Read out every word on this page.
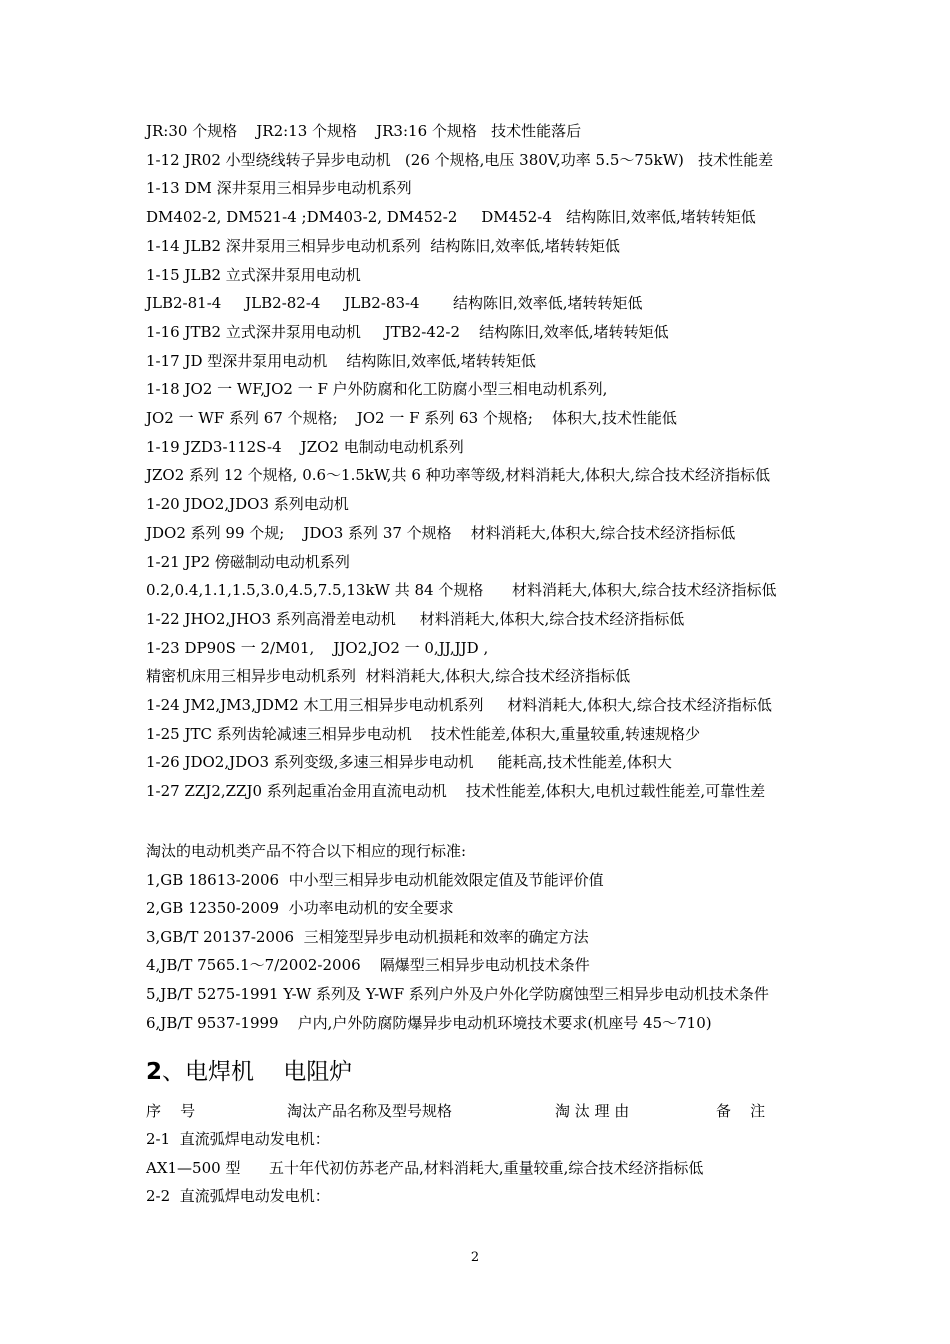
JR:30 个规格    JR2:13 个规格    JR3:16 个规格   技术性能落后
1-12 JR02 小型绕线转子异步电动机   (26 个规格,电压 380V,功率 5.5～75kW)   技术性能差
1-13 DM 深井泵用三相异步电动机系列
DM402-2, DM521-4 ;DM403-2, DM452-2     DM452-4   结构陈旧,效率低,堵转转矩低
1-14 JLB2 深井泵用三相异步电动机系列  结构陈旧,效率低,堵转转矩低
1-15 JLB2 立式深井泵用电动机
JLB2-81-4     JLB2-82-4     JLB2-83-4       结构陈旧,效率低,堵转转矩低
1-16 JTB2 立式深井泵用电动机     JTB2-42-2    结构陈旧,效率低,堵转转矩低
1-17 JD 型深井泵用电动机    结构陈旧,效率低,堵转转矩低
1-18 JO2 一 WF,JO2 一 F 户外防腐和化工防腐小型三相电动机系列,
JO2 一 WF 系列 67 个规格;    JO2 一 F 系列 63 个规格;    体积大,技术性能低
1-19 JZD3-112S-4    JZO2 电制动电动机系列
JZO2 系列 12 个规格, 0.6～1.5kW,共 6 种功率等级,材料消耗大,体积大,综合技术经济指标低
1-20 JDO2,JDO3 系列电动机
JDO2 系列 99 个规;    JDO3 系列 37 个规格    材料消耗大,体积大,综合技术经济指标低
1-21 JP2 傍磁制动电动机系列
0.2,0.4,1.1,1.5,3.0,4.5,7.5,13kW 共 84 个规格      材料消耗大,体积大,综合技术经济指标低
1-22 JHO2,JHO3 系列高滑差电动机     材料消耗大,体积大,综合技术经济指标低
1-23 DP90S 一 2/M01,    JJO2,JO2 一 0,JJ,JJD ,
精密机床用三相异步电动机系列  材料消耗大,体积大,综合技术经济指标低
1-24 JM2,JM3,JDM2 木工用三相异步电动机系列     材料消耗大,体积大,综合技术经济指标低
1-25 JTC 系列齿轮减速三相异步电动机    技术性能差,体积大,重量较重,转速规格少
1-26 JDO2,JDO3 系列变级,多速三相异步电动机     能耗高,技术性能差,体积大
1-27 ZZJ2,ZZJ0 系列起重冶金用直流电动机    技术性能差,体积大,电机过载性能差,可靠性差
淘汰的电动机类产品不符合以下相应的现行标准:
1,GB 18613-2006  中小型三相异步电动机能效限定值及节能评价值
2,GB 12350-2009  小功率电动机的安全要求
3,GB/T 20137-2006  三相笼型异步电动机损耗和效率的确定方法
4,JB/T 7565.1～7/2002-2006    隔爆型三相异步电动机技术条件
5,JB/T 5275-1991 Y-W 系列及 Y-WF 系列户外及户外化学防腐蚀型三相异步电动机技术条件
6,JB/T 9537-1999    户内,户外防腐防爆异步电动机环境技术要求(机座号 45～710)
2、电焊机    电阻炉
序    号	淘汰产品名称及型号规格	淘 汰 理 由	备    注
2-1  直流弧焊电动发电机：
AX1—500 型      五十年代初仿苏老产品,材料消耗大,重量较重,综合技术经济指标低
2-2  直流弧焊电动发电机：
2
